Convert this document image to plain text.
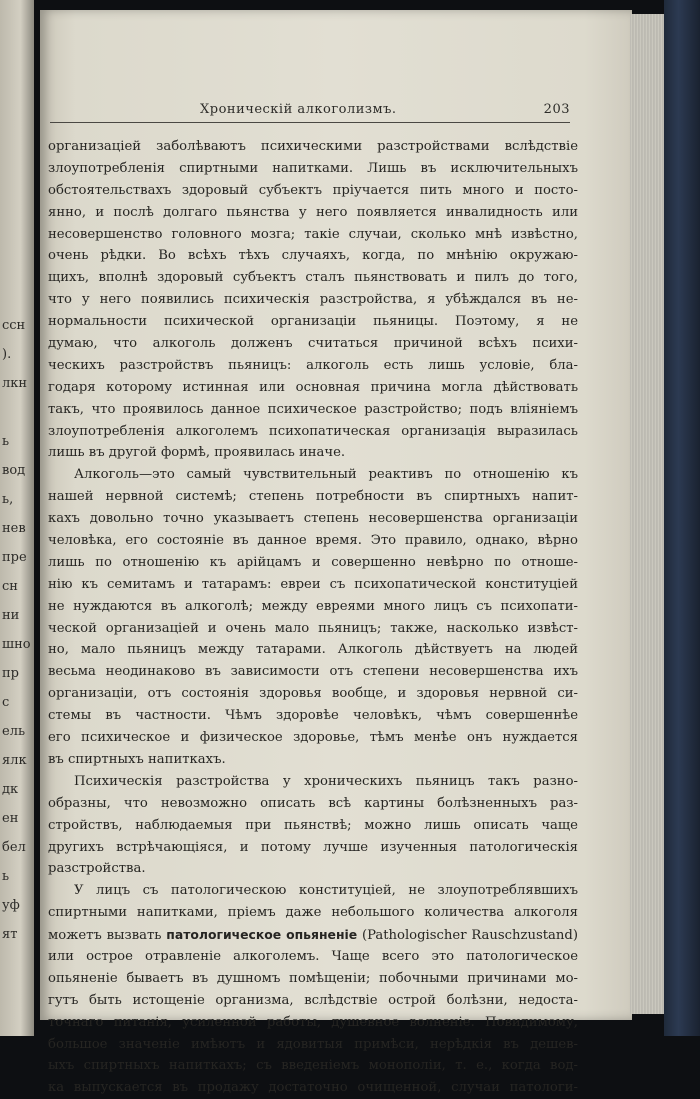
ссн
).
лкн
ь
вод
ь,
нев
пре
сн
ни
шно
пр
с
ель
ялк
дк
ен
бел
ь
уф
ят
Хроническій алкоголизмъ.	203
организаціей заболѣваютъ психическими разстройствами вслѣдствіе
злоупотребленія спиртными напитками. Лишь въ исключительныхъ
обстоятельствахъ здоровый субъектъ пріучается пить много и посто-
янно, и послѣ долгаго пьянства у него появляется инвалидность или
несовершенство головного мозга; такіе случаи, сколько мнѣ извѣстно,
очень рѣдки. Во всѣхъ тѣхъ случаяхъ, когда, по мнѣнію окружаю-
щихъ, вполнѣ здоровый субъектъ сталъ пьянствовать и пилъ до того,
что у него появились психическія разстройства, я убѣждался въ не-
нормальности психической организаціи пьяницы. Поэтому, я не
думаю, что алкоголь долженъ считаться причиной всѣхъ психи-
ческихъ разстройствъ пьяницъ: алкоголь есть лишь условіе, бла-
годаря которому истинная или основная причина могла дѣйствовать
такъ, что проявилось данное психическое разстройство; подъ вліяніемъ
злоупотребленія алкоголемъ психопатическая организація выразилась
лишь въ другой формѣ, проявилась иначе.
Алкоголь—это самый чувствительный реактивъ по отношенію къ
нашей нервной системѣ; степень потребности въ спиртныхъ напит-
кахъ довольно точно указываетъ степень несовершенства организаціи
человѣка, его состояніе въ данное время. Это правило, однако, вѣрно
лишь по отношенію къ арійцамъ и совершенно невѣрно по отноше-
нію къ семитамъ и татарамъ: евреи съ психопатической конституціей
не нуждаются въ алкоголѣ; между евреями много лицъ съ психопати-
ческой организаціей и очень мало пьяницъ; также, насколько извѣст-
но, мало пьяницъ между татарами. Алкоголь дѣйствуетъ на людей
весьма неодинаково въ зависимости отъ степени несовершенства ихъ
организаціи, отъ состоянія здоровья вообще, и здоровья нервной си-
стемы въ частности. Чѣмъ здоровѣе человѣкъ, чѣмъ совершеннѣе
его психическое и физическое здоровье, тѣмъ менѣе онъ нуждается
въ спиртныхъ напиткахъ.
Психическія разстройства у хроническихъ пьяницъ такъ разно-
образны, что невозможно описать всѣ картины болѣзненныхъ раз-
стройствъ, наблюдаемыя при пьянствѣ; можно лишь описать чаще
другихъ встрѣчающіяся, и потому лучше изученныя патологическія
разстройства.
У лицъ съ патологическою конституціей, не злоупотреблявшихъ
спиртными напитками, пріемъ даже небольшого количества алкоголя
можетъ вызвать патологическое опьяненіе (Pathologischer Rauschzustand)
или острое отравленіе алкоголемъ. Чаще всего это патологическое
опьяненіе бываетъ въ душномъ помѣщеніи; побочными причинами мо-
гутъ быть истощеніе организма, вслѣдствіе острой болѣзни, недоста-
точнаго питанія, усиленной работы, душевное волненіе. Повидимому,
большое значеніе имѣютъ и ядовитыя примѣси, нерѣдкія въ дешев-
ыхъ спиртныхъ напиткахъ; съ введеніемъ монополіи, т. е., когда вод-
ка выпускается въ продажу достаточно очищенной, случаи патологи-
